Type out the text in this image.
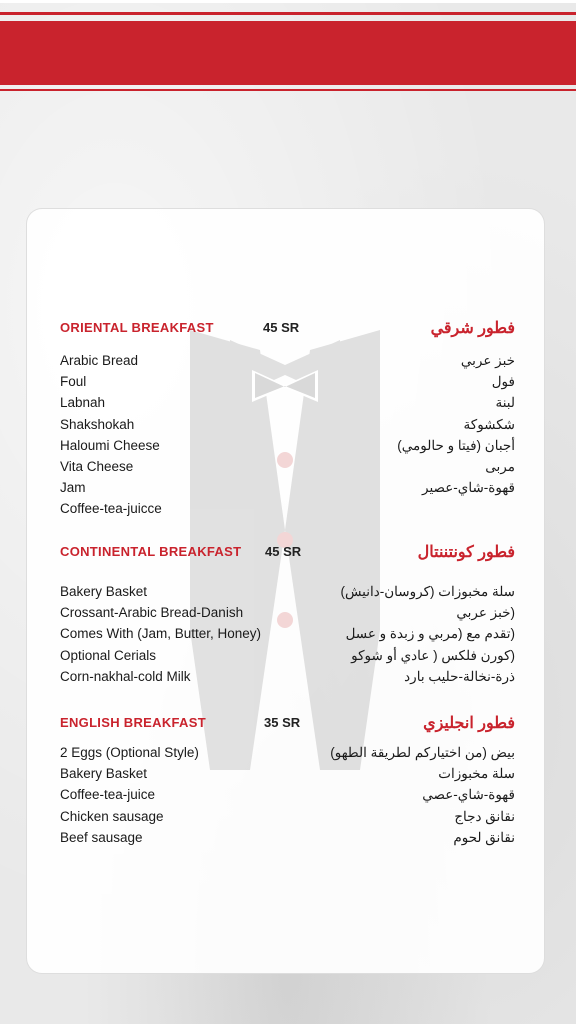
ORIENTAL BREAKFAST	45 SR	فطور شرقي
Arabic Bread	خبز عربي
Foul	فول
Labnah	لبنة
Shakshokah	شكشوكة
Haloumi Cheese	أجبان (فيتا و حالومي)
Vita Cheese	مربى
Jam	قهوة-شاي-عصير
Coffee-tea-juicce
CONTINENTAL BREAKFAST 45 SR	فطور كونتننتال
Bakery Basket	سلة مخبوزات (كروسان-دانيش)
Crossant-Arabic Bread-Danish	(خبز عربي
Comes With (Jam, Butter, Honey)	(تقدم مع (مربي و زبدة و عسل
Optional Cerials	(كورن فلكس ( عادي أو شوكو
Corn-nakhal-cold Milk	ذرة-نخالة-حليب بارد
ENGLISH BREAKFAST	35 SR	فطور انجليزي
2 Eggs (Optional Style)	بيض (من اختياركم لطريقة الطهو)
Bakery Basket	سلة مخبوزات
Coffee-tea-juice	قهوة-شاي-عصي
Chicken sausage	نقانق دجاج
Beef sausage	نقانق لحوم
